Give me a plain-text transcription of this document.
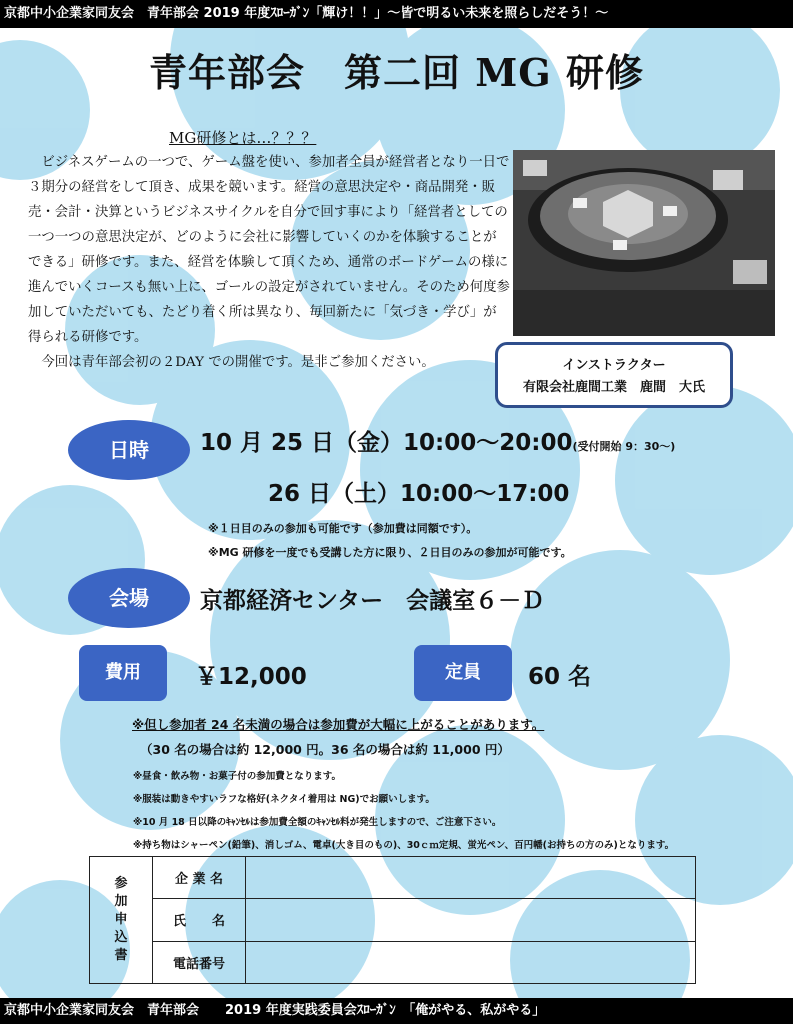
京都中小企業家同友会　青年部会 2019 年度ｽﾛｰｶﾞﾝ「輝け！！」〜皆で明るい未来を照らしだそう！〜
青年部会　第二回 MG 研修
MG研修とは…？？？

ビジネスゲームの一つで、ゲーム盤を使い、参加者全員が経営者となり一日で３期分の経営をして頂き、成果を競います。経営の意思決定や・商品開発・販売・会計・決算というビジネスサイクルを自分で回す事により「経営者としての一つ一つの意思決定が、どのように会社に影響していくのかを体験することができる」研修です。また、経営を体験して頂くため、通常のボードゲームの様に進んでいくコースも無い上に、ゴールの設定がされていません。そのため何度参加していただいても、たどり着く所は異なり、毎回新たに「気づき・学び」が得られる研修です。

今回は青年部会初の２DAY での開催です。是非ご参加ください。	インストラクター
有限会社鹿間工業　鹿間　大氏
日時	10 月 25 日（金）10:00〜20:00(受付開始 9：30〜)
26 日（土）10:00〜17:00
※１日目のみの参加も可能です（参加費は同額です）。
※MG 研修を一度でも受講した方に限り、２日目のみの参加が可能です。
会場	京都経済センター　会議室６－Ｄ
費用	￥12,000	定員	60 名
※但し参加者 24 名未満の場合は参加費が大幅に上がることがあります。
（30 名の場合は約 12,000 円。36 名の場合は約 11,000 円）
※昼食・飲み物・お菓子付の参加費となります。
※服装は動きやすいラフな格好(ネクタイ着用は NG)でお願いします。
※10 月 18 日以降のｷｬﾝｾﾙは参加費全額のｷｬﾝｾﾙ料が発生しますので、ご注意下さい。
※持ち物はシャーペン(鉛筆)、消しゴム、電卓(大き目のもの)、30ｃｍ定規、蛍光ペン、百円幡(お持ちの方のみ)となります。
参加申込書	企 業 名	
	氏　　名	
	電話番号	
京都中小企業家同友会　青年部会　　2019 年度実践委員会ｽﾛｰｶﾞﾝ　「俺がやる、私がやる」
